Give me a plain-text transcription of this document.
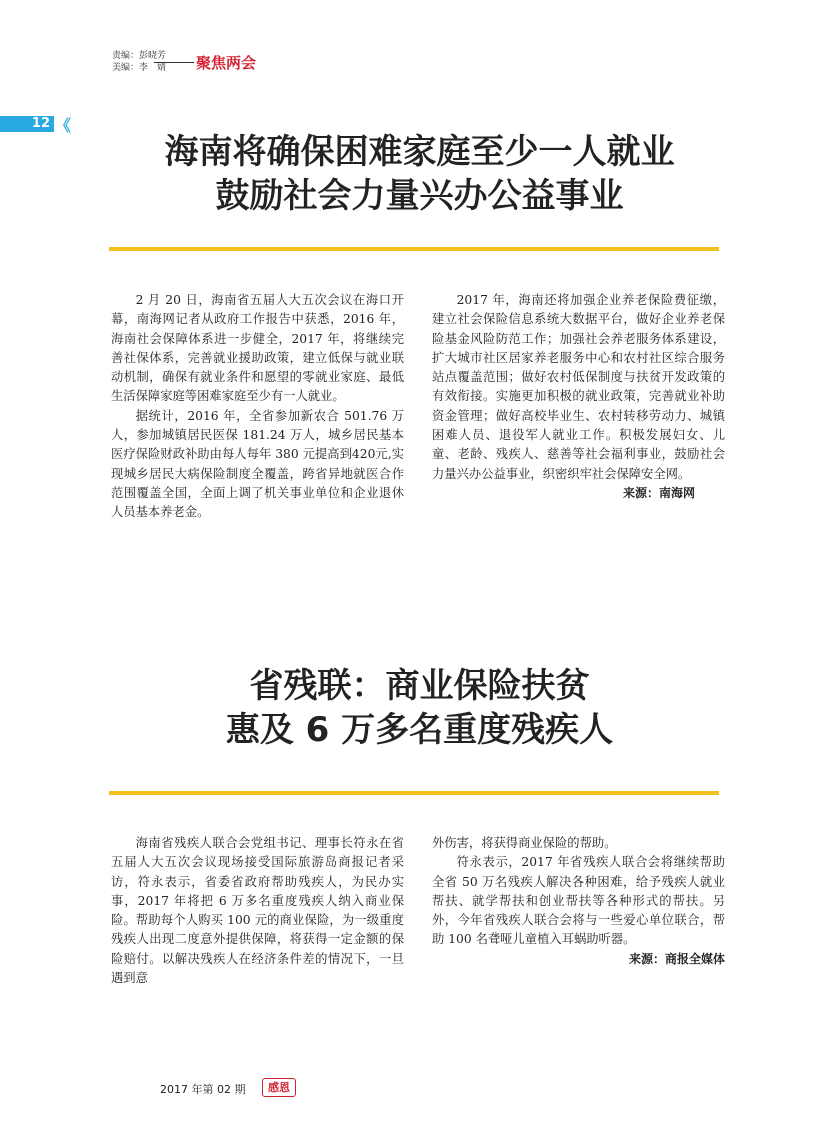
责编：彭晓芳
美编：李　婧 聚焦两会
12 《
海南将确保困难家庭至少一人就业
鼓励社会力量兴办公益事业

2 月 20 日，海南省五届人大五次会议在海口开幕，南海网记者从政府工作报告中获悉，2016 年，海南社会保障体系进一步健全，2017 年，将继续完善社保体系，完善就业援助政策，建立低保与就业联动机制，确保有就业条件和愿望的零就业家庭、最低生活保障家庭等困难家庭至少有一人就业。

据统计，2016 年，全省参加新农合 501.76 万人，参加城镇居民医保 181.24 万人，城乡居民基本医疗保险财政补助由每人每年 380 元提高到420元,实现城乡居民大病保险制度全覆盖，跨省异地就医合作范围覆盖全国，全面上调了机关事业单位和企业退休人员基本养老金。

2017 年，海南还将加强企业养老保险费征缴，建立社会保险信息系统大数据平台，做好企业养老保险基金风险防范工作；加强社会养老服务体系建设，扩大城市社区居家养老服务中心和农村社区综合服务站点覆盖范围；做好农村低保制度与扶贫开发政策的有效衔接。实施更加积极的就业政策，完善就业补助资金管理；做好高校毕业生、农村转移劳动力、城镇困难人员、退役军人就业工作。积极发展妇女、儿童、老龄、残疾人、慈善等社会福利事业，鼓励社会力量兴办公益事业，织密织牢社会保障安全网。

来源：南海网

省残联：商业保险扶贫
惠及 6 万多名重度残疾人

海南省残疾人联合会党组书记、理事长符永在省五届人大五次会议现场接受国际旅游岛商报记者采访，符永表示，省委省政府帮助残疾人，为民办实事，2017 年将把 6 万多名重度残疾人纳入商业保险。帮助每个人购买 100 元的商业保险，为一级重度残疾人出现二度意外提供保障，将获得一定金额的保险赔付。以解决残疾人在经济条件差的情况下，一旦遇到意

外伤害，将获得商业保险的帮助。

符永表示，2017 年省残疾人联合会将继续帮助全省 50 万名残疾人解决各种困难，给予残疾人就业帮扶、就学帮扶和创业帮扶等各种形式的帮扶。另外，今年省残疾人联合会将与一些爱心单位联合，帮助 100 名聋哑儿童植入耳蜗助听器。

来源：商报全媒体

2017 年第 02 期	感恩
